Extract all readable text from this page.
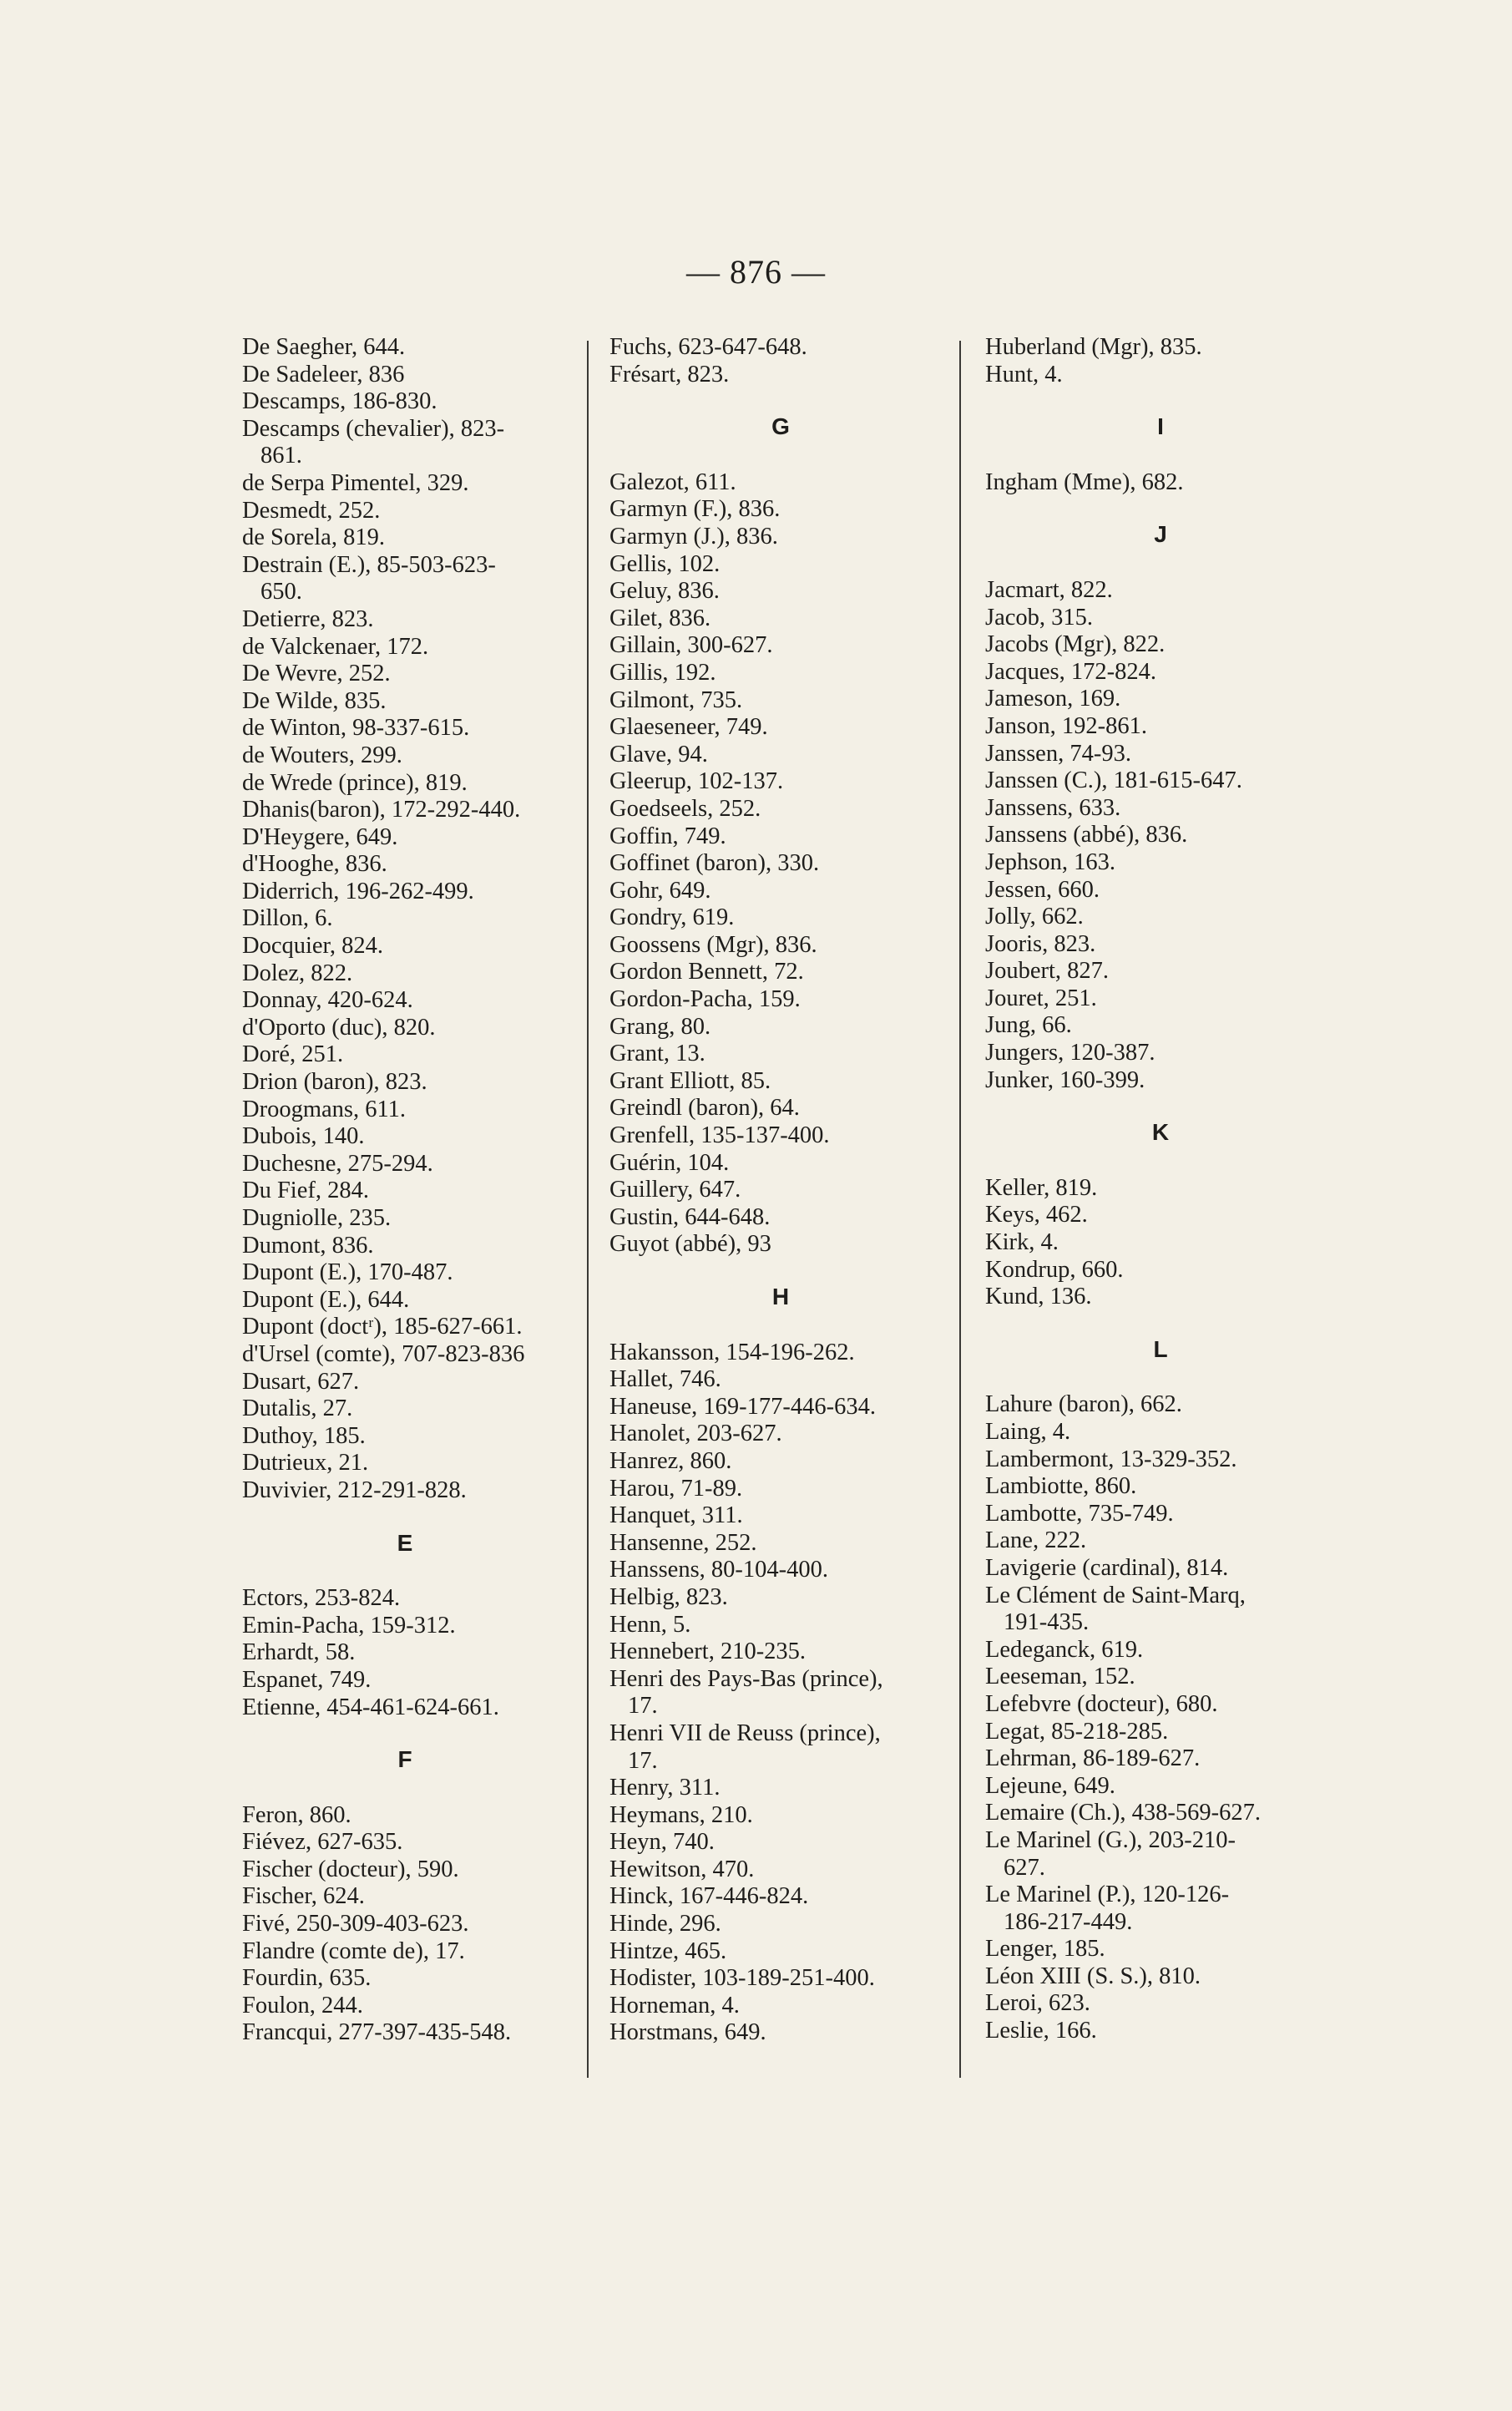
— 876 —
De Saegher, 644.
De Sadeleer, 836
Descamps, 186-830.
Descamps (chevalier), 823-
861.
de Serpa Pimentel, 329.
Desmedt, 252.
de Sorela, 819.
Destrain (E.), 85-503-623-
650.
Detierre, 823.
de Valckenaer, 172.
De Wevre, 252.
De Wilde, 835.
de Winton, 98-337-615.
de Wouters, 299.
de Wrede (prince), 819.
Dhanis(baron), 172-292-440.
D'Heygere, 649.
d'Hooghe, 836.
Diderrich, 196-262-499.
Dillon, 6.
Docquier, 824.
Dolez, 822.
Donnay, 420-624.
d'Oporto (duc), 820.
Doré, 251.
Drion (baron), 823.
Droogmans, 611.
Dubois, 140.
Duchesne, 275-294.
Du Fief, 284.
Dugniolle, 235.
Dumont, 836.
Dupont (E.), 170-487.
Dupont (E.), 644.
Dupont (doctʳ), 185-627-661.
d'Ursel (comte), 707-823-836
Dusart, 627.
Dutalis, 27.
Duthoy, 185.
Dutrieux, 21.
Duvivier, 212-291-828.
E
Ectors, 253-824.
Emin-Pacha, 159-312.
Erhardt, 58.
Espanet, 749.
Etienne, 454-461-624-661.
F
Feron, 860.
Fiévez, 627-635.
Fischer (docteur), 590.
Fischer, 624.
Fivé, 250-309-403-623.
Flandre (comte de), 17.
Fourdin, 635.
Foulon, 244.
Francqui, 277-397-435-548.
Fuchs, 623-647-648.
Frésart, 823.
G
Galezot, 611.
Garmyn (F.), 836.
Garmyn (J.), 836.
Gellis, 102.
Geluy, 836.
Gilet, 836.
Gillain, 300-627.
Gillis, 192.
Gilmont, 735.
Glaeseneer, 749.
Glave, 94.
Gleerup, 102-137.
Goedseels, 252.
Goffin, 749.
Goffinet (baron), 330.
Gohr, 649.
Gondry, 619.
Goossens (Mgr), 836.
Gordon Bennett, 72.
Gordon-Pacha, 159.
Grang, 80.
Grant, 13.
Grant Elliott, 85.
Greindl (baron), 64.
Grenfell, 135-137-400.
Guérin, 104.
Guillery, 647.
Gustin, 644-648.
Guyot (abbé), 93
H
Hakansson, 154-196-262.
Hallet, 746.
Haneuse, 169-177-446-634.
Hanolet, 203-627.
Hanrez, 860.
Harou, 71-89.
Hanquet, 311.
Hansenne, 252.
Hanssens, 80-104-400.
Helbig, 823.
Henn, 5.
Hennebert, 210-235.
Henri des Pays-Bas (prince),
17.
Henri VII de Reuss (prince),
17.
Henry, 311.
Heymans, 210.
Heyn, 740.
Hewitson, 470.
Hinck, 167-446-824.
Hinde, 296.
Hintze, 465.
Hodister, 103-189-251-400.
Horneman, 4.
Horstmans, 649.
Huberland (Mgr), 835.
Hunt, 4.
I
Ingham (Mme), 682.
J
Jacmart, 822.
Jacob, 315.
Jacobs (Mgr), 822.
Jacques, 172-824.
Jameson, 169.
Janson, 192-861.
Janssen, 74-93.
Janssen (C.), 181-615-647.
Janssens, 633.
Janssens (abbé), 836.
Jephson, 163.
Jessen, 660.
Jolly, 662.
Jooris, 823.
Joubert, 827.
Jouret, 251.
Jung, 66.
Jungers, 120-387.
Junker, 160-399.
K
Keller, 819.
Keys, 462.
Kirk, 4.
Kondrup, 660.
Kund, 136.
L
Lahure (baron), 662.
Laing, 4.
Lambermont, 13-329-352.
Lambiotte, 860.
Lambotte, 735-749.
Lane, 222.
Lavigerie (cardinal), 814.
Le Clément de Saint-Marq,
191-435.
Ledeganck, 619.
Leeseman, 152.
Lefebvre (docteur), 680.
Legat, 85-218-285.
Lehrman, 86-189-627.
Lejeune, 649.
Lemaire (Ch.), 438-569-627.
Le Marinel (G.), 203-210-
627.
Le Marinel (P.), 120-126-
186-217-449.
Lenger, 185.
Léon XIII (S. S.), 810.
Leroi, 623.
Leslie, 166.
